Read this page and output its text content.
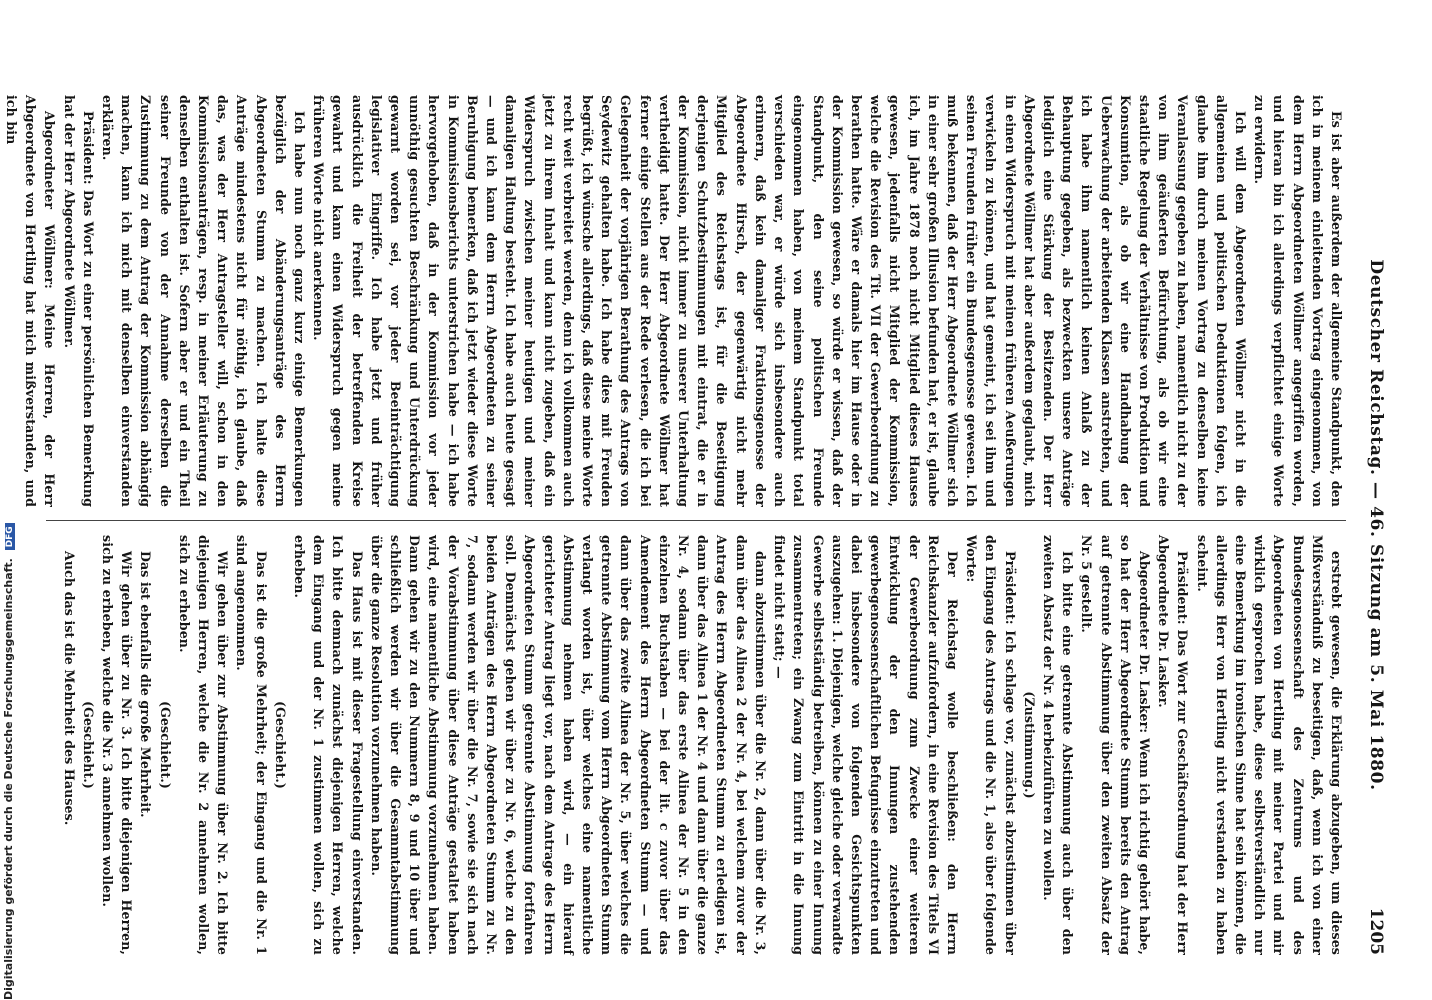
Deutscher Reichstag. — 46. Sitzung am 5. Mai 1880.
1205

Es ist aber außerdem der allgemeine Standpunkt, den ich in meinem einleitenden Vortrag eingenommen, von dem Herrn Abgeordneten Wöllmer angegriffen worden, und hieran bin ich allerdings verpflichtet einige Worte zu erwidern.

Ich will dem Abgeordneten Wöllmer nicht in die allgemeinen und politischen Deduktionen folgen, ich glaube ihm durch meinen Vortrag zu denselben keine Veranlassung gegeben zu haben, namentlich nicht zu der von ihm geäußerten Befürchtung, als ob wir eine staatliche Regelung der Verhältnisse von Produktion und Konsumtion, als ob wir eine Handhabung der Ueberwachung der arbeitenden Klassen anstrebten, und ich habe ihm namentlich keinen Anlaß zu der Behauptung gegeben, als bezweckten unsere Anträge lediglich eine Stärkung der Besitzenden. Der Herr Abgeordnete Wöllmer hat aber außerdem geglaubt, mich in einen Widerspruch mit meinen früheren Aeußerungen verwickeln zu können, und hat gemeint, ich sei ihm und seinen Freunden früher ein Bundesgenosse gewesen. Ich muß bekennen, daß der Herr Abgeordnete Wöllmer sich in einer sehr großen Illusion befunden hat, er ist, glaube ich, im Jahre 1878 noch nicht Mitglied dieses Hauses gewesen, jedenfalls nicht Mitglied der Kommission, welche die Revision des Tit. VII der Gewerbeordnung zu berathen hatte. Wäre er damals hier im Hause oder in der Kommission gewesen, so würde er wissen, daß der Standpunkt, den seine politischen Freunde eingenommen haben, von meinem Standpunkt total verschieden war, er würde sich insbesondere auch erinnern, daß kein damaliger Fraktionsgenosse der Abgeordnete Hirsch, der gegenwärtig nicht mehr Mitglied des Reichstags ist, für die Beseitigung derjenigen Schutzbestimmungen mit eintrat, die er in der Kommission, nicht immer zu unserer Unterhaltung vertheidigt hatte. Der Herr Abgeordnete Wöllmer hat ferner einige Stellen aus der Rede verlesen, die ich bei Gelegenheit der vorjährigen Berathung des Antrags von Seydewitz gehalten habe. Ich habe dies mit Freuden begrüßt, ich wünsche allerdings, daß diese meine Worte recht weit verbreitet werden, denn ich vollkommen auch jetzt zu ihrem Inhalt und kann nicht zugeben, daß ein Widerspruch zwischen meiner heutigen und meiner damaligen Haltung besteht. Ich habe auch heute gesagt — und ich kann dem Herrn Abgeordneten zu seiner Beruhigung bemerken, daß ich jetzt wieder diese Worte in Kommissionsberichts unterstrichen habe — ich habe hervorgehoben, daß in der Kommission vor jeder unnöthig gesuchten Beschränkung und Unterdrückung gewarnt worden sei, vor jeder Beeinträchtigung legislativer Eingriffe. Ich habe jetzt und früher ausdrücklich die Freiheit der betreffenden Kreise gewahrt und kann einen Widerspruch gegen meine früheren Worte nicht anerkennen.

Ich habe nun noch ganz kurz einige Bemerkungen bezüglich der Abänderungsanträge des Herrn Abgeordneten Stumm zu machen. Ich halte diese Anträge mindestens nicht für nöthig, ich glaube, daß das, was der Herr Antragsteller will, schon in den Kommissionsanträgen, resp. in meiner Erläuterung zu denselben enthalten ist. Sofern aber er und ein Theil seiner Freunde von der Annahme derselben die Zustimmung zu dem Antrag der Kommission abhängig machen, kann ich mich mit denselben einverstanden erklären.

Präsident: Das Wort zu einer persönlichen Bemerkung hat der Herr Abgeordnete Wöllmer.

Abgeordneter Wöllmer: Meine Herren, der Herr Abgeordnete von Hertling hat mich mißverstanden, und ich bin

erstrebt gewesen, die Erklärung abzugeben, um dieses Mißverständniß zu beseitigen, daß, wenn ich von einer Bundesgenossenschaft des Zentrums und des Abgeordneten von Hertling mit meiner Partei und mir wirklich gesprochen habe, diese selbstverständlich nur eine Bemerkung im ironischen Sinne hat sein können, die allerdings Herr von Hertling nicht verstanden zu haben scheint.

Präsident: Das Wort zur Geschäftsordnung hat der Herr Abgeordnete Dr. Lasker.

Abgeordneter Dr. Lasker: Wenn ich richtig gehört habe, so hat der Herr Abgeordnete Stumm bereits den Antrag auf getrennte Abstimmung über den zweiten Absatz der Nr. 5 gestellt.

Ich bitte eine getrennte Abstimmung auch über den zweiten Absatz der Nr. 4 herbeizuführen zu wollen.

(Zustimmung.)

Präsident: Ich schlage vor, zunächst abzustimmen über den Eingang des Antrags und die Nr. 1, also über folgende Worte:

Der Reichstag wolle beschließen: den Herrn Reichskanzler aufzufordern, in eine Revision des Titels VI der Gewerbeordnung zum Zwecke einer weiteren Entwicklung der den Innungen zustehenden gewerbegenossenschaftlichen Befugnisse einzutreten und dabei insbesondere von folgenden Gesichtspunkten auszugehen: 1. Diejenigen, welche gleiche oder verwandte Gewerbe selbstständig betreiben, können zu einer Innung zusammentreten; ein Zwang zum Eintritt in die Innung findet nicht statt; —

dann abzustimmen über die Nr. 2, dann über die Nr. 3, dann über das Alinea 2 der Nr. 4, bei welchem zuvor der Antrag des Herrn Abgeordneten Stumm zu erledigen ist, dann über das Alinea 1 der Nr. 4 und dann über die ganze Nr. 4, sodann über das erste Alinea der Nr. 5 in den einzelnen Buchstaben — bei der lit. c zuvor über das Amendement des Herrn Abgeordneten Stumm — und dann über das zweite Alinea der Nr. 5, über welches die getrennte Abstimmung vom Herrn Abgeordneten Stumm verlangt worden ist, über welches eine namentliche Abstimmung nehmen haben wird, — ein hierauf gerichteter Antrag liegt vor, nach dem Antrage des Herrn Abgeordneten Stumm getrennte Abstimmung fortfahren soll. Demnächst gehen wir über zu Nr. 6, welche zu den beiden Anträgen des Herrn Abgeordneten Stumm zu Nr. 7, sodann werden wir über die Nr. 7, sowie sie sich nach der Vorabstimmung über diese Anträge gestaltet haben wird, eine namentliche Abstimmung vorzunehmen haben. Dann gehen wir zu den Nummern 8, 9 und 10 über und schließlich werden wir über die Gesammtabstimmung über die ganze Resolution vorzunehmen haben.

Das Haus ist mit dieser Fragestellung einverstanden. Ich bitte demnach zunächst diejenigen Herren, welche dem Eingang und der Nr. 1 zustimmen wollen, sich zu erheben.

(Geschieht.)

Das ist die große Mehrheit; der Eingang und die Nr. 1 sind angenommen.

Wir gehen über zur Abstimmung über Nr. 2. Ich bitte diejenigen Herren, welche die Nr. 2 annehmen wollen, sich zu erheben.

(Geschieht.)

Das ist ebenfalls die große Mehrheit.

Wir gehen über zu Nr. 3. Ich bitte diejenigen Herren, sich zu erheben, welche die Nr. 3 annehmen wollen.

(Geschieht.)

Auch das ist die Mehrheit des Hauses.

Digitalisierung gefördert durch die Deutsche Forschungsgemeinschaft. DFG
